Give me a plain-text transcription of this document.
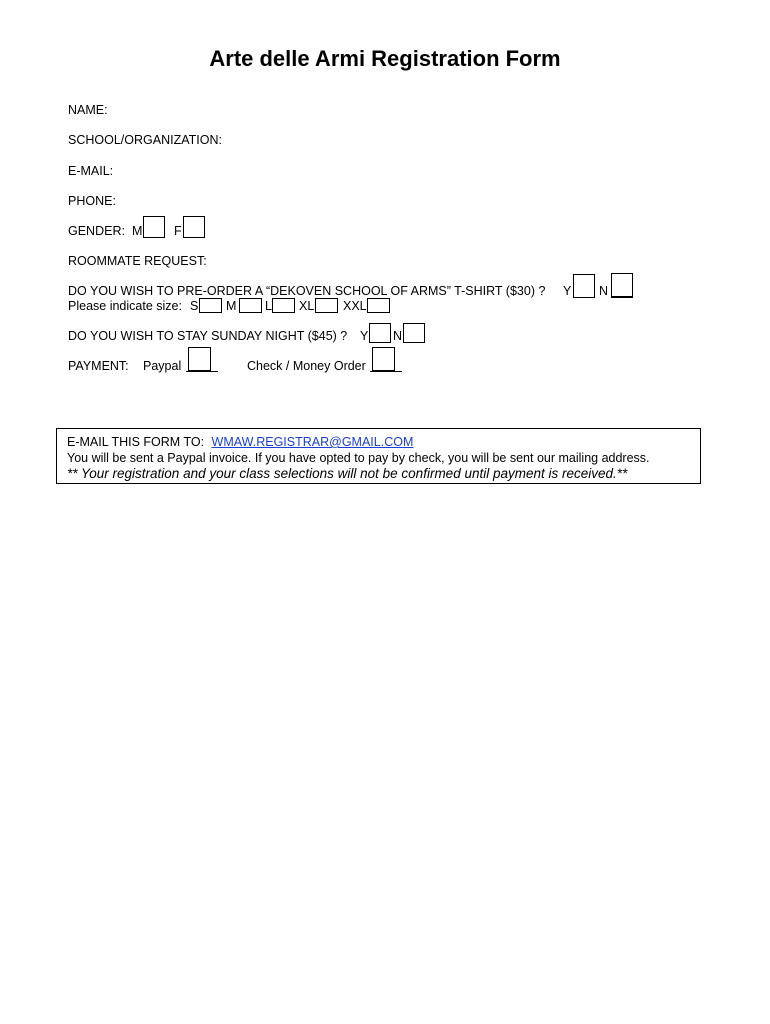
Arte delle Armi Registration Form
NAME:
SCHOOL/ORGANIZATION:
E-MAIL:
PHONE:
GENDER: M	F
ROOMMATE REQUEST:
DO YOU WISH TO PRE-ORDER A “DEKOVEN SCHOOL OF ARMS” T-SHIRT ($30) ? Y N
Please indicate size: S M L XL XXL
DO YOU WISH TO STAY SUNDAY NIGHT ($45) ? Y N
PAYMENT: Paypal	Check / Money Order
E-MAIL THIS FORM TO: WMAW.REGISTRAR@GMAIL.COM
You will be sent a Paypal invoice. If you have opted to pay by check, you will be sent our mailing address.
** Your registration and your class selections will not be confirmed until payment is received.**
